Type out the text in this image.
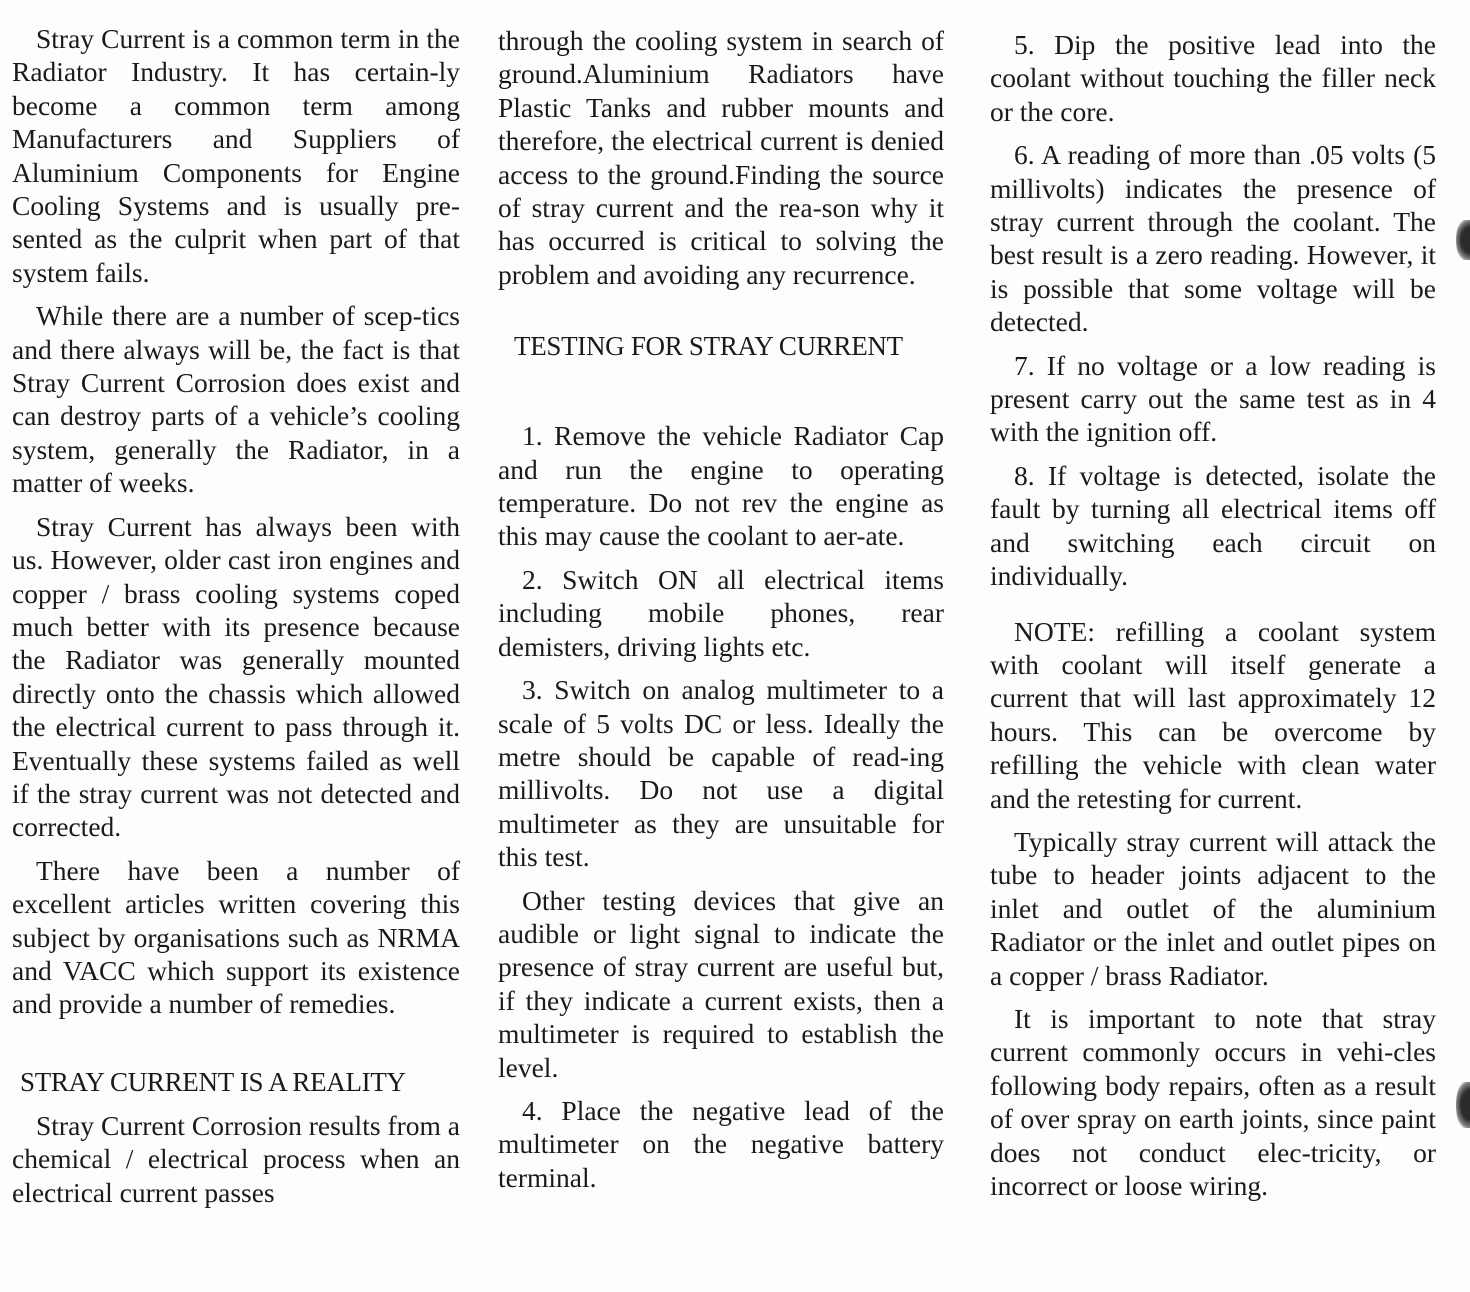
Stray Current is a common term in the Radiator Industry. It has certain-ly become a common term among Manufacturers and Suppliers of Aluminium Components for Engine Cooling Systems and is usually pre-sented as the culprit when part of that system fails.

While there are a number of scep-tics and there always will be, the fact is that Stray Current Corrosion does exist and can destroy parts of a vehicle’s cooling system, generally the Radiator, in a matter of weeks.

Stray Current has always been with us. However, older cast iron engines and copper / brass cooling systems coped much better with its presence because the Radiator was generally mounted directly onto the chassis which allowed the electrical current to pass through it. Eventually these systems failed as well if the stray current was not detected and corrected.

There have been a number of excellent articles written covering this subject by organisations such as NRMA and VACC which support its existence and provide a number of remedies.

STRAY CURRENT IS A REALITY

Stray Current Corrosion results from a chemical / electrical process when an electrical current passes

through the cooling system in search of ground.Aluminium Radiators have Plastic Tanks and rubber mounts and therefore, the electrical current is denied access to the ground.Finding the source of stray current and the rea-son why it has occurred is critical to solving the problem and avoiding any recurrence.

TESTING FOR STRAY CURRENT

1. Remove the vehicle Radiator Cap and run the engine to operating temperature. Do not rev the engine as this may cause the coolant to aer-ate.

2. Switch ON all electrical items including mobile phones, rear demisters, driving lights etc.

3. Switch on analog multimeter to a scale of 5 volts DC or less. Ideally the metre should be capable of read-ing millivolts. Do not use a digital multimeter as they are unsuitable for this test.

Other testing devices that give an audible or light signal to indicate the presence of stray current are useful but, if they indicate a current exists, then a multimeter is required to establish the level.

4. Place the negative lead of the multimeter on the negative battery terminal.

5. Dip the positive lead into the coolant without touching the filler neck or the core.

6. A reading of more than .05 volts (5 millivolts) indicates the presence of stray current through the coolant. The best result is a zero reading. However, it is possible that some voltage will be detected.

7. If no voltage or a low reading is present carry out the same test as in 4 with the ignition off.

8. If voltage is detected, isolate the fault by turning all electrical items off and switching each circuit on individually.

NOTE: refilling a coolant system with coolant will itself generate a current that will last approximately 12 hours. This can be overcome by refilling the vehicle with clean water and the retesting for current.

Typically stray current will attack the tube to header joints adjacent to the inlet and outlet of the aluminium Radiator or the inlet and outlet pipes on a copper / brass Radiator.

It is important to note that stray current commonly occurs in vehi-cles following body repairs, often as a result of over spray on earth joints, since paint does not conduct elec-tricity, or incorrect or loose wiring.
